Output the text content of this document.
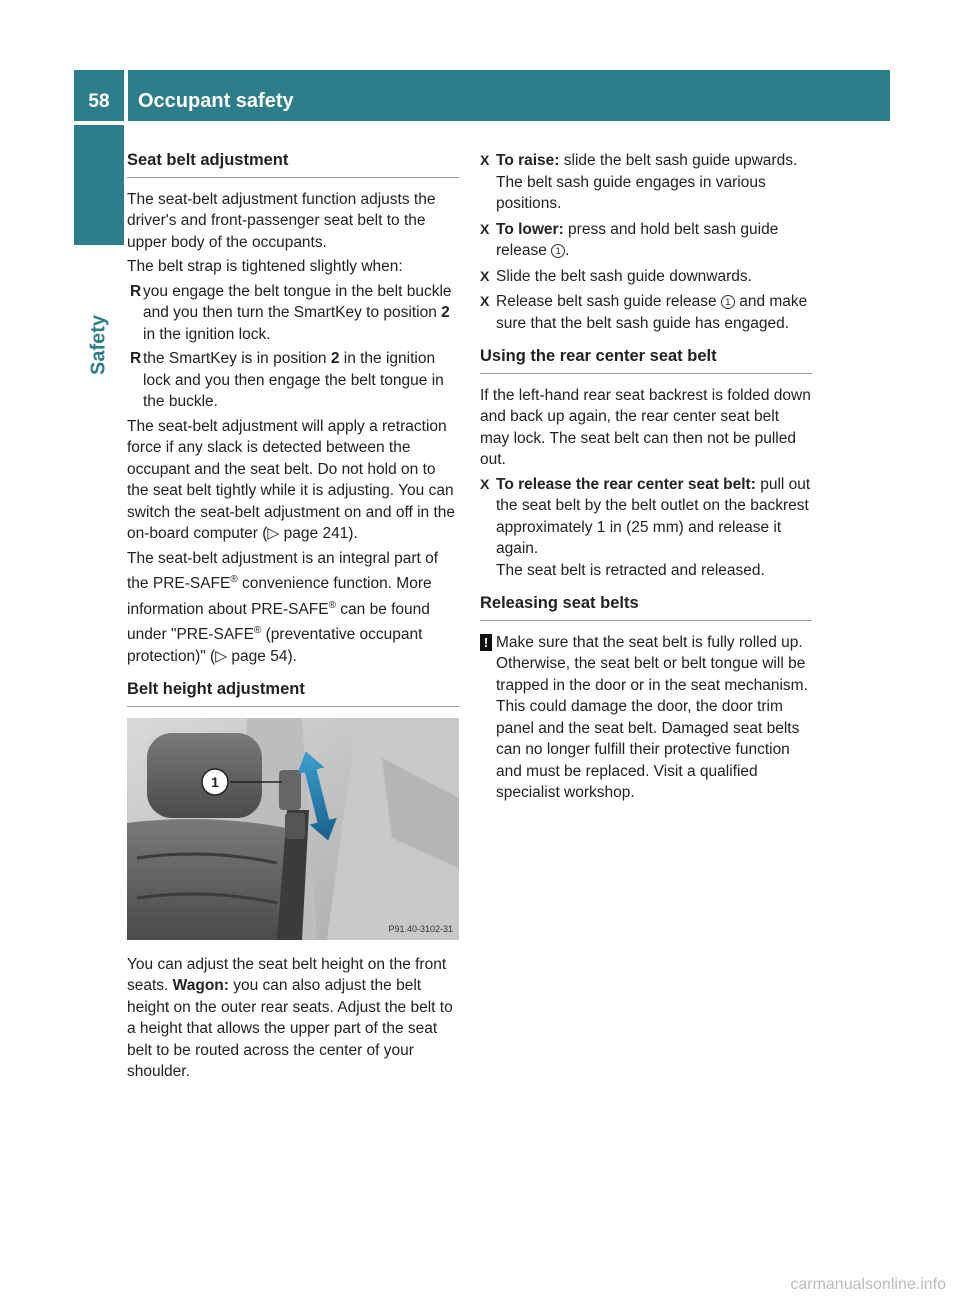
58	Occupant safety
Safety
Seat belt adjustment

The seat-belt adjustment function adjusts the driver's and front-passenger seat belt to the upper body of the occupants.

The belt strap is tightened slightly when:

R you engage the belt tongue in the belt buckle and you then turn the SmartKey to position 2 in the ignition lock.
R the SmartKey is in position 2 in the ignition lock and you then engage the belt tongue in the buckle.

The seat-belt adjustment will apply a retraction force if any slack is detected between the occupant and the seat belt. Do not hold on to the seat belt tightly while it is adjusting. You can switch the seat-belt adjustment on and off in the on-board computer (▷ page 241).

The seat-belt adjustment is an integral part of the PRE-SAFE® convenience function. More information about PRE-SAFE® can be found under "PRE-SAFE® (preventative occupant protection)" (▷ page 54).

Belt height adjustment
1
P91.40-3102-31

You can adjust the seat belt height on the front seats. Wagon: you can also adjust the belt height on the outer rear seats. Adjust the belt to a height that allows the upper part of the seat belt to be routed across the center of your shoulder.

X To raise: slide the belt sash guide upwards. The belt sash guide engages in various positions.
X To lower: press and hold belt sash guide release 1 .
X Slide the belt sash guide downwards.
X Release belt sash guide release 1 and make sure that the belt sash guide has engaged.
Using the rear center seat belt

If the left-hand rear seat backrest is folded down and back up again, the rear center seat belt may lock. The seat belt can then not be pulled out.

X To release the rear center seat belt: pull out the seat belt by the belt outlet on the backrest approximately 1 in (25 mm) and release it again.
The seat belt is retracted and released.
Releasing seat belts
! Make sure that the seat belt is fully rolled up. Otherwise, the seat belt or belt tongue will be trapped in the door or in the seat mechanism. This could damage the door, the door trim panel and the seat belt. Damaged seat belts can no longer fulfill their protective function and must be replaced. Visit a qualified specialist workshop.
carmanualsonline.info
